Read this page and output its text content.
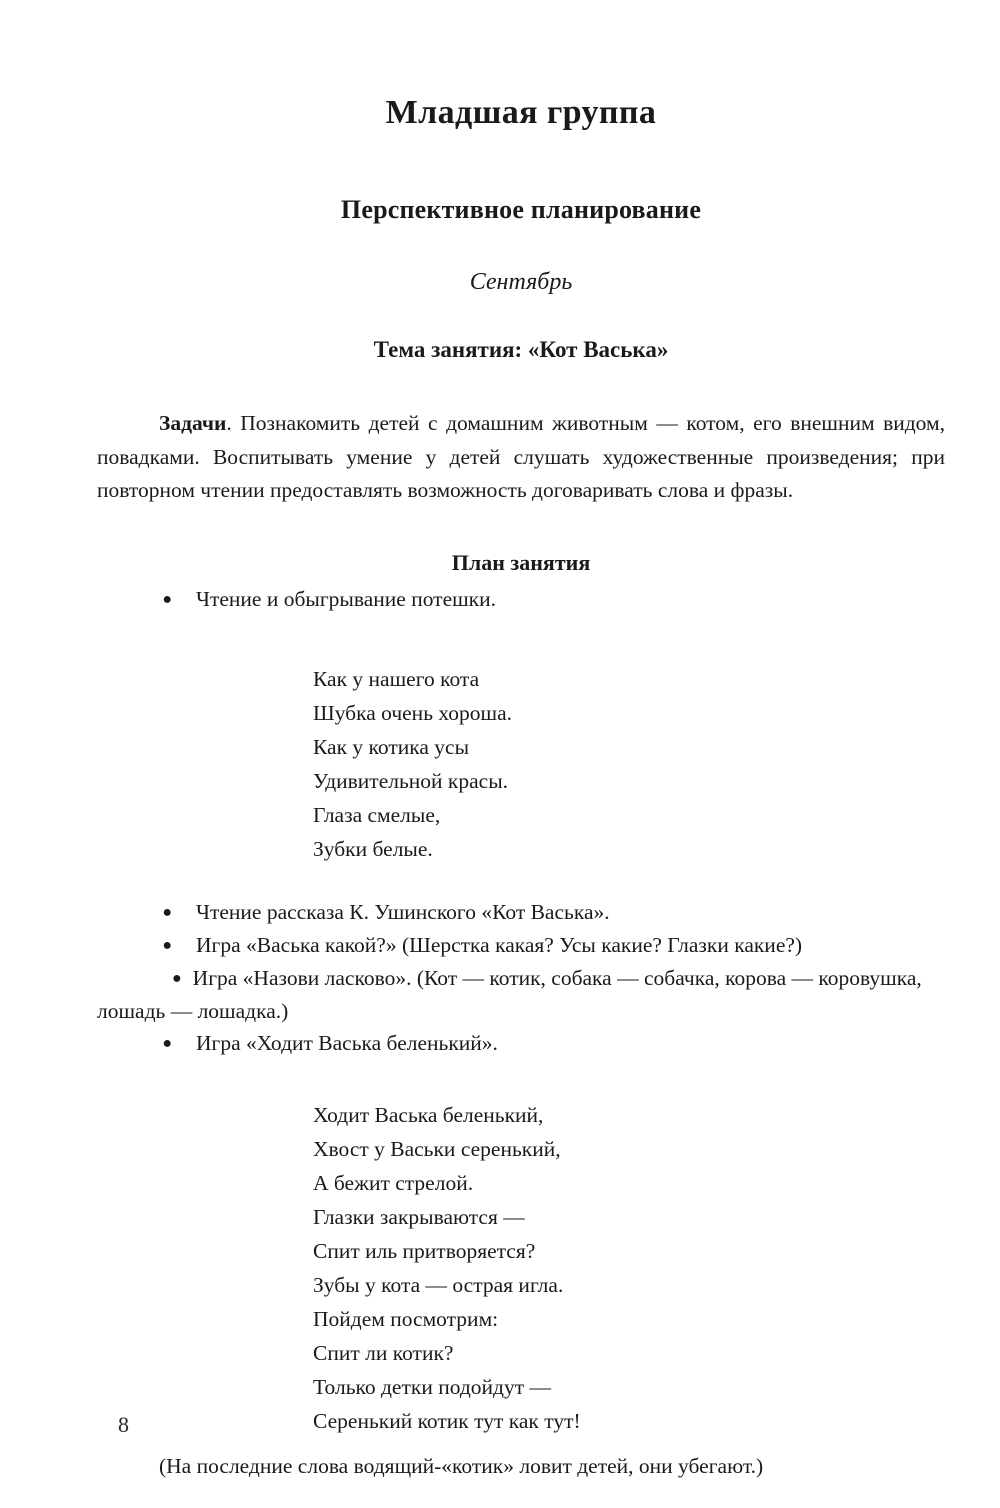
Младшая группа
Перспективное планирование
Сентябрь
Тема занятия: «Кот Васька»

Задачи. Познакомить детей с домашним животным — котом, его внешним видом, повадками. Воспитывать умение у детей слушать художественные произведения; при повторном чтении предоставлять возможность договаривать слова и фразы.

План занятия
● Чтение и обыгрывание потешки.
Как у нашего кота
Шубка очень хороша.
Как у котика усы
Удивительной красы.
Глаза смелые,
Зубки белые.
● Чтение рассказа К. Ушинского «Кот Васька».
● Игра «Васька какой?» (Шерстка какая? Усы какие? Глазки какие?)
● Игра «Назови ласково». (Кот — котик, собака — собачка, корова — коровушка, лошадь — лошадка.)
● Игра «Ходит Васька беленький».
Ходит Васька беленький,
Хвост у Васьки серенький,
А бежит стрелой.
Глазки закрываются —
Спит иль притворяется?
Зубы у кота — острая игла.
Пойдем посмотрим:
Спит ли котик?
Только детки подойдут —
Серенький котик тут как тут!

(На последние слова водящий-«котик» ловит детей, они убегают.)

8
